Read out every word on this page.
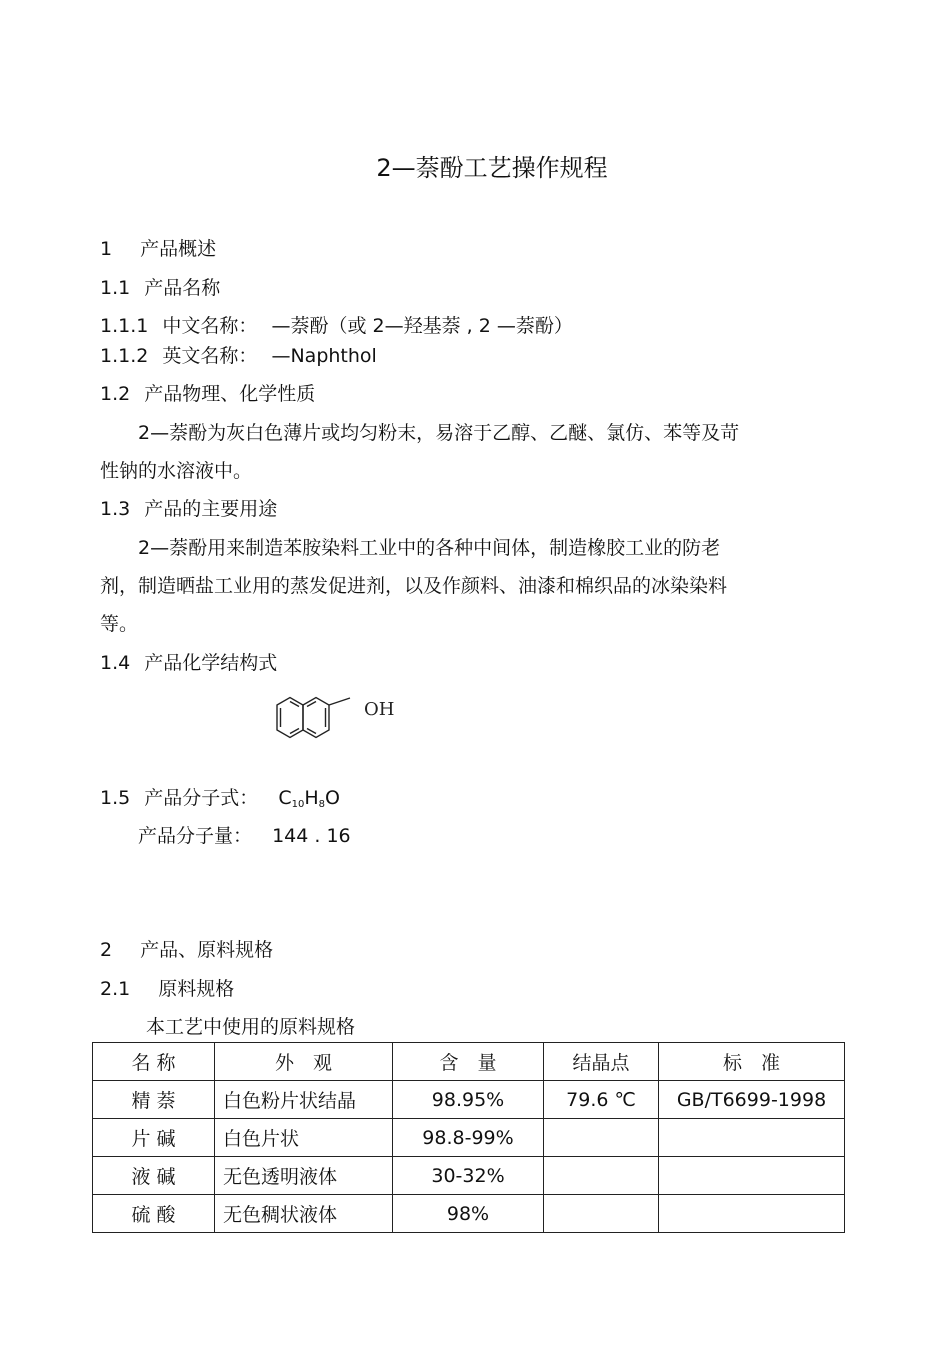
2—萘酚工艺操作规程
1 产品概述
1.1 产品名称
1.1.1 中文名称： —萘酚（或 2—羟基萘 , 2 —萘酚）
1.1.2 英文名称： —Naphthol
1.2 产品物理、化学性质
2—萘酚为灰白色薄片或均匀粉末，易溶于乙醇、乙醚、氯仿、苯等及苛
性钠的水溶液中。
1.3 产品的主要用途
2—萘酚用来制造苯胺染料工业中的各种中间体，制造橡胶工业的防老
剂，制造晒盐工业用的蒸发促进剂，以及作颜料、油漆和棉织品的冰染染料
等。
1.4 产品化学结构式
OH
1.5 产品分子式： $C_{10}H_8O$
产品分子量： 144 . 16
2 产品、原料规格
2.1 原料规格
本工艺中使用的原料规格
名 称	外　观	含　量	结晶点	标　准
精 萘	白色粉片状结晶	98.95%	79.6 ℃	GB/T6699-1998
片 碱	白色片状	98.8-99%		
液 碱	无色透明液体	30-32%		
硫 酸	无色稠状液体	98%		
